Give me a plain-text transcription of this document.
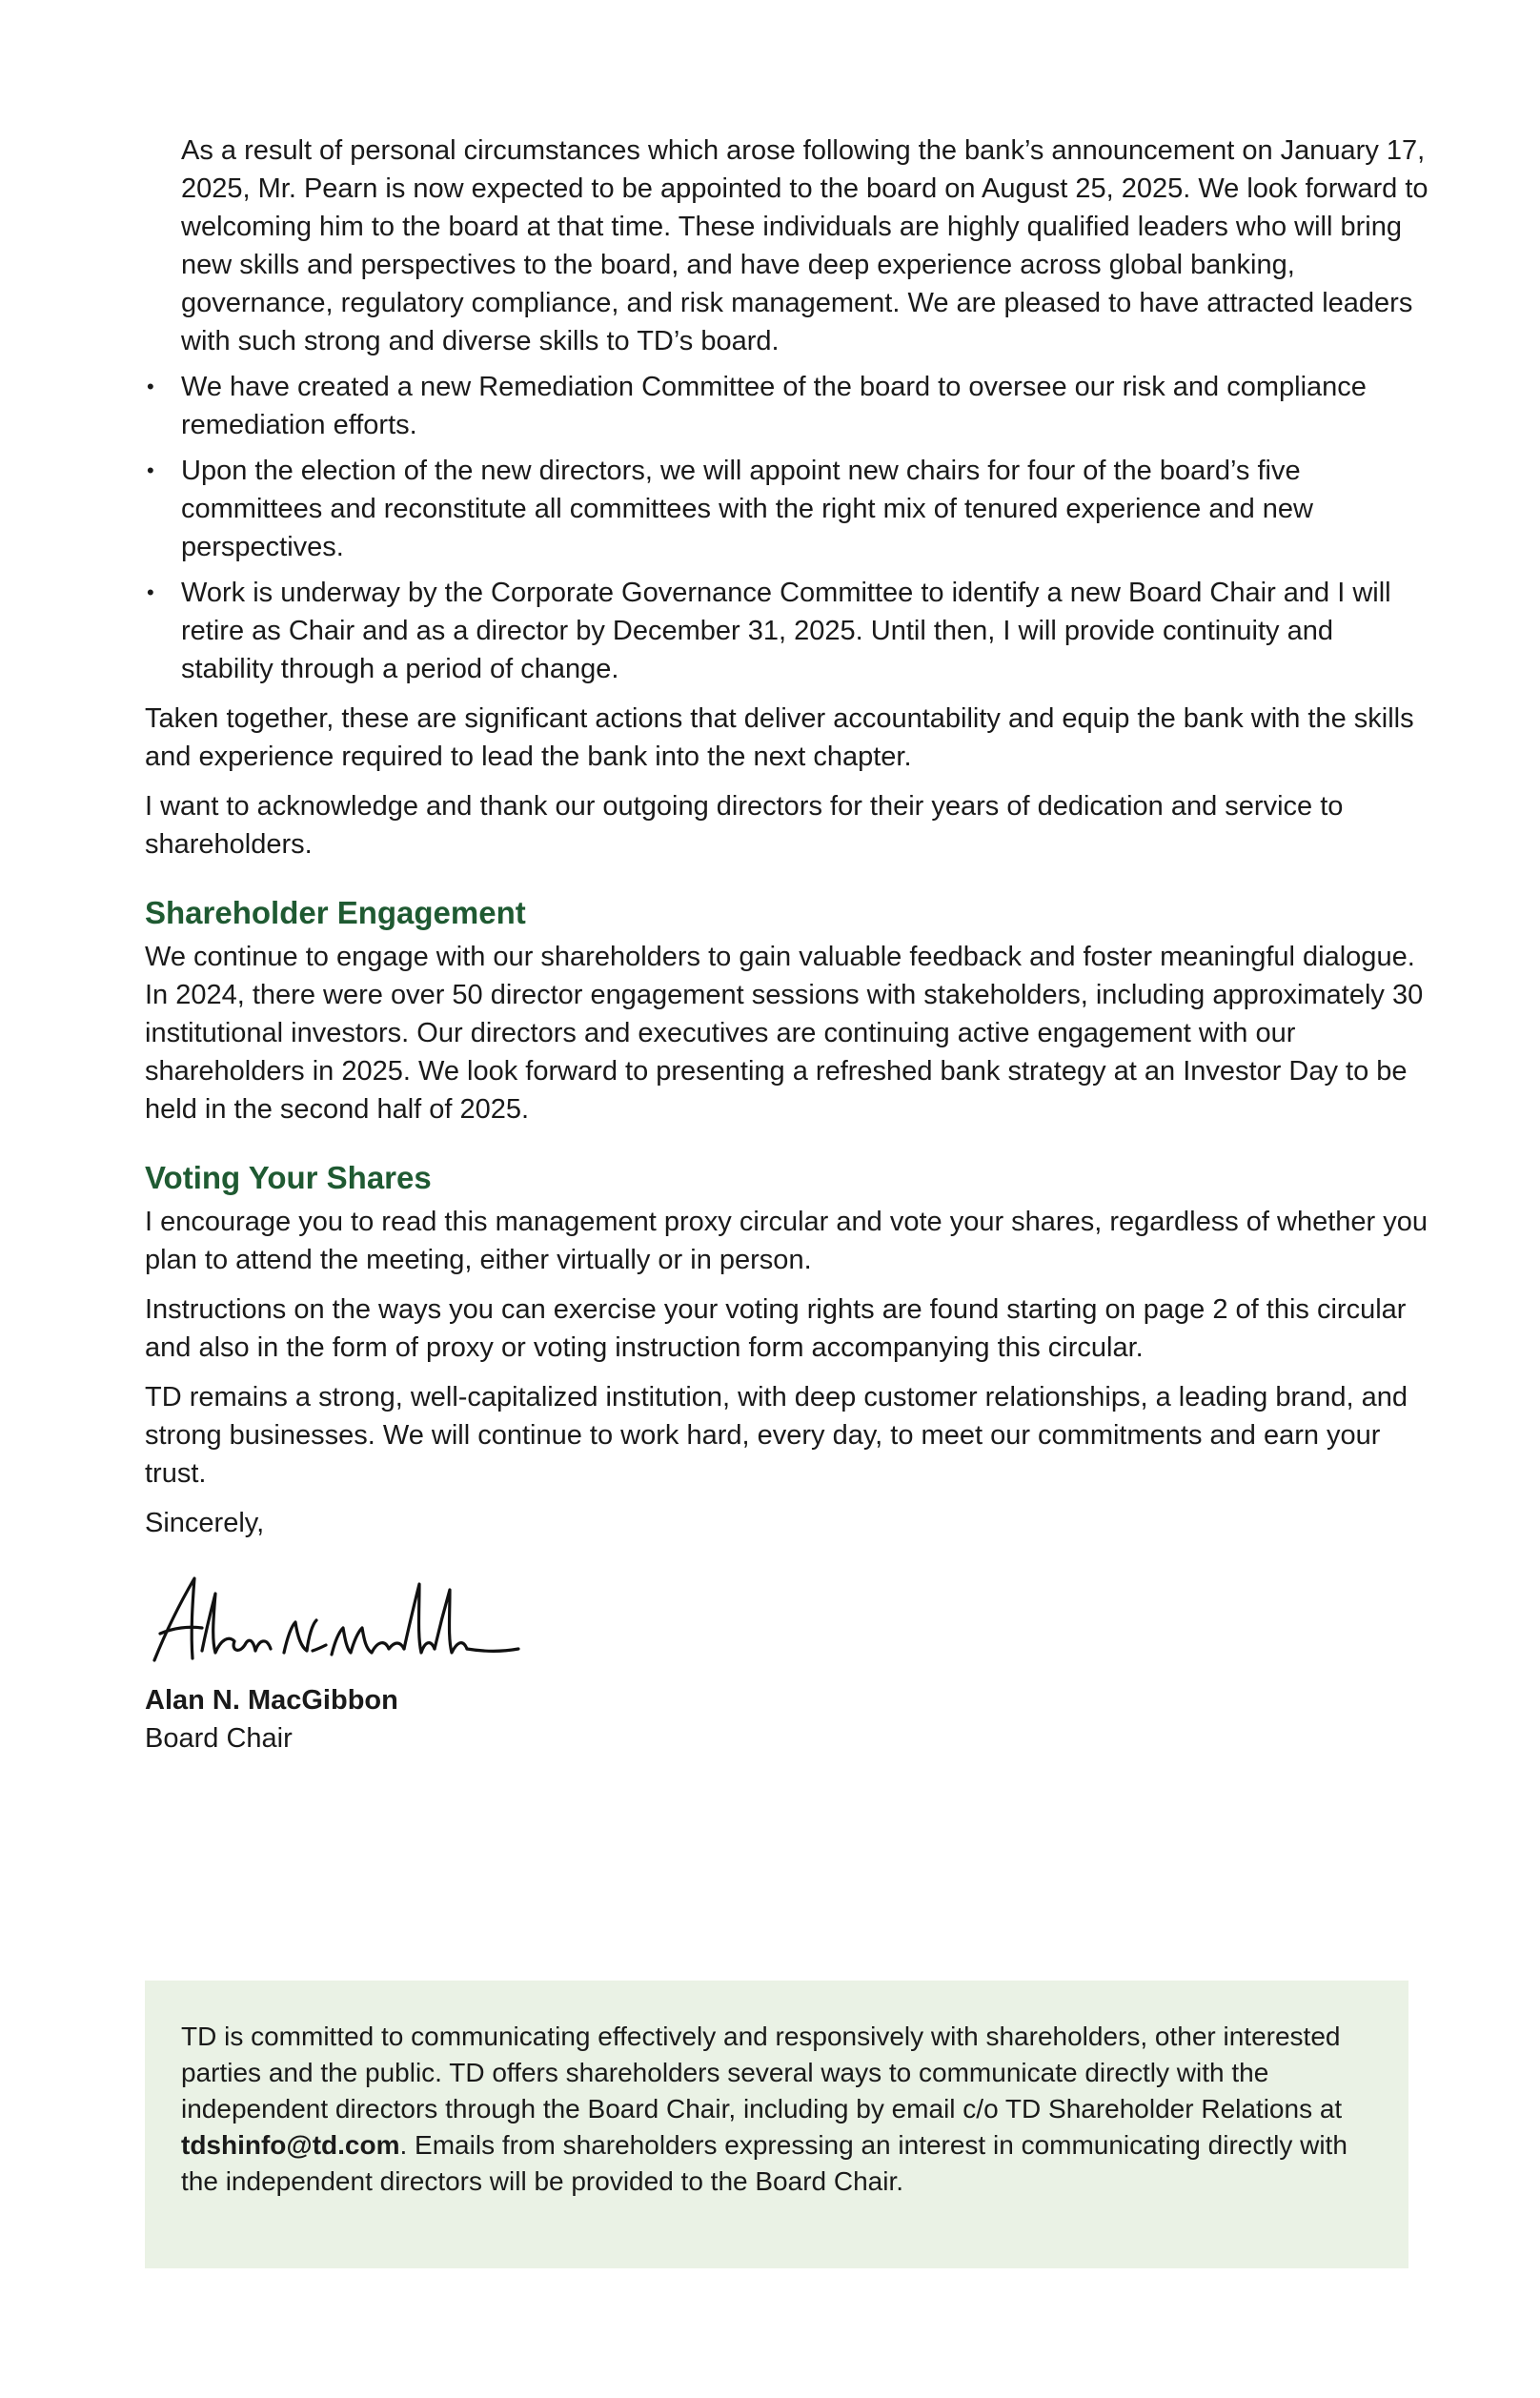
As a result of personal circumstances which arose following the bank’s announcement on January 17, 2025, Mr. Pearn is now expected to be appointed to the board on August 25, 2025. We look forward to welcoming him to the board at that time. These individuals are highly qualified leaders who will bring new skills and perspectives to the board, and have deep experience across global banking, governance, regulatory compliance, and risk management. We are pleased to have attracted leaders with such strong and diverse skills to TD’s board.

• We have created a new Remediation Committee of the board to oversee our risk and compliance remediation efforts.
• Upon the election of the new directors, we will appoint new chairs for four of the board’s five committees and reconstitute all committees with the right mix of tenured experience and new perspectives.
• Work is underway by the Corporate Governance Committee to identify a new Board Chair and I will retire as Chair and as a director by December 31, 2025. Until then, I will provide continuity and stability through a period of change.

Taken together, these are significant actions that deliver accountability and equip the bank with the skills and experience required to lead the bank into the next chapter.

I want to acknowledge and thank our outgoing directors for their years of dedication and service to shareholders.

Shareholder Engagement

We continue to engage with our shareholders to gain valuable feedback and foster meaningful dialogue. In 2024, there were over 50 director engagement sessions with stakeholders, including approximately 30 institutional investors. Our directors and executives are continuing active engagement with our shareholders in 2025. We look forward to presenting a refreshed bank strategy at an Investor Day to be held in the second half of 2025.

Voting Your Shares

I encourage you to read this management proxy circular and vote your shares, regardless of whether you plan to attend the meeting, either virtually or in person.

Instructions on the ways you can exercise your voting rights are found starting on page 2 of this circular and also in the form of proxy or voting instruction form accompanying this circular.

TD remains a strong, well-capitalized institution, with deep customer relationships, a leading brand, and strong businesses. We will continue to work hard, every day, to meet our commitments and earn your trust.

Sincerely,

Alan N. MacGibbon

Board Chair

TD is committed to communicating effectively and responsively with shareholders, other interested parties and the public. TD offers shareholders several ways to communicate directly with the independent directors through the Board Chair, including by email c/o TD Shareholder Relations at tdshinfo@td.com. Emails from shareholders expressing an interest in communicating directly with the independent directors will be provided to the Board Chair.
